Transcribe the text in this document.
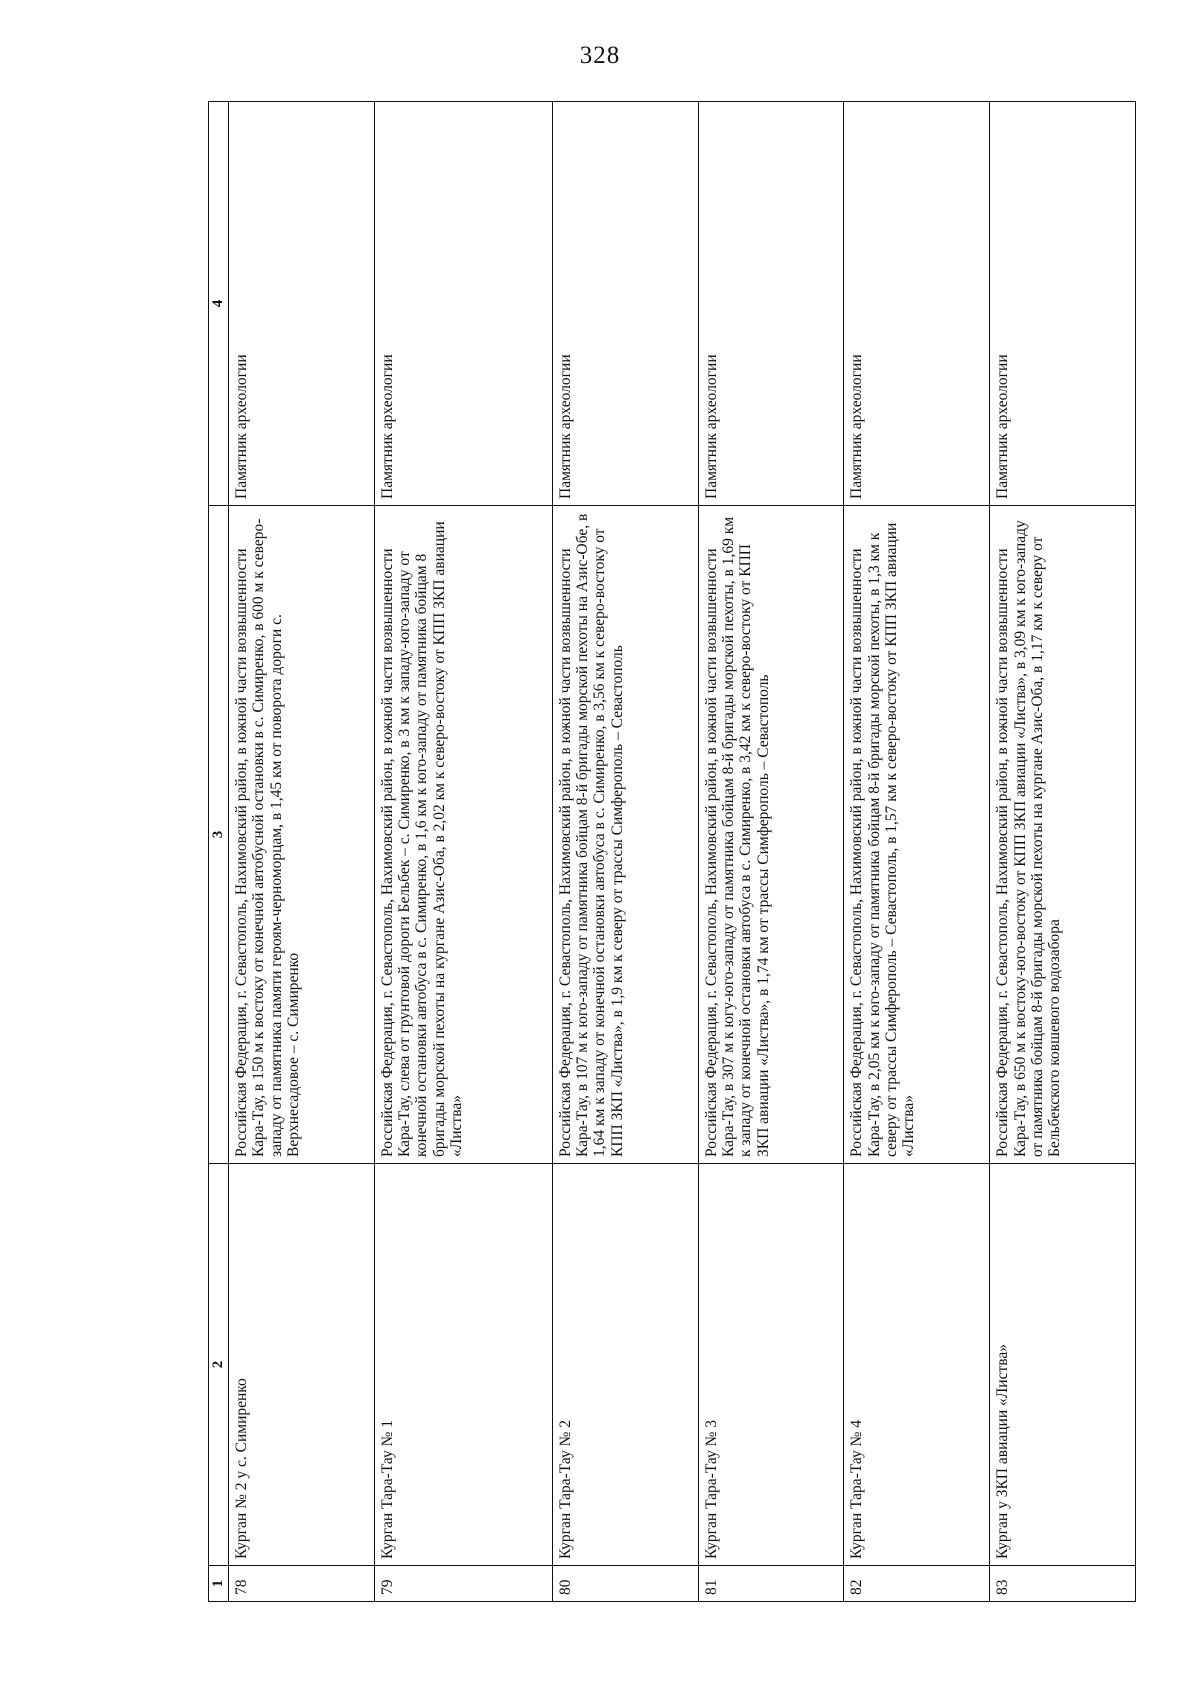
328
1	2	3	4
78	Курган № 2 у с. Симиренко	Российская Федерация, г. Севастополь, Нахимовский район, в южной части возвышенности Кара-Тау, в 150 м к востоку от конечной автобусной остановки в с. Симиренко, в 600 м к северо-западу от памятника памяти героям-черноморцам, в 1,45 км от поворота дороги с. Верхнесадовое – с. Симиренко	Памятник археологии
79	Курган Тара-Тау № 1	Российская Федерация, г. Севастополь, Нахимовский район, в южной части возвышенности Кара-Тау, слева от грунтовой дороги Бельбек – с. Симиренко, в 3 км к западу-юго-западу от конечной остановки автобуса в с. Симиренко, в 1,6 км к юго-западу от памятника бойцам 8 бригады морской пехоты на кургане Азис-Оба, в 2,02 км к северо-востоку от КПП ЗКП авиации «Листва»	Памятник археологии
80	Курган Тара-Тау № 2	Российская Федерация, г. Севастополь, Нахимовский район, в южной части возвышенности Кара-Тау, в 107 м к юго-западу от памятника бойцам 8-й бригады морской пехоты на Азис-Обе, в 1,64 км к западу от конечной остановки автобуса в с. Симиренко, в 3,56 км к северо-востоку от КПП ЗКП «Листва», в 1,9 км к северу от трассы Симферополь – Севастополь	Памятник археологии
81	Курган Тара-Тау № 3	Российская Федерация, г. Севастополь, Нахимовский район, в южной части возвышенности Кара-Тау, в 307 м к югу-юго-западу от памятника бойцам 8-й бригады морской пехоты, в 1,69 км к западу от конечной остановки автобуса в с. Симиренко, в 3,42 км к северо-востоку от КПП ЗКП авиации «Листва», в 1,74 км от трассы Симферополь – Севастополь	Памятник археологии
82	Курган Тара-Тау № 4	Российская Федерация, г. Севастополь, Нахимовский район, в южной части возвышенности Кара-Тау, в 2,05 км к юго-западу от памятника бойцам 8-й бригады морской пехоты, в 1,3 км к северу от трассы Симферополь – Севастополь, в 1,57 км к северо-востоку от КПП ЗКП авиации «Листва»	Памятник археологии
83	Курган у ЗКП авиации «Листва»	Российская Федерация, г. Севастополь, Нахимовский район, в южной части возвышенности Кара-Тау, в 650 м к востоку-юго-востоку от КПП ЗКП авиации «Листва», в 3,09 км к юго-западу от памятника бойцам 8-й бригады морской пехоты на кургане Азис-Оба, в 1,17 км к северу от Бельбекского ковшевого водозабора	Памятник археологии
